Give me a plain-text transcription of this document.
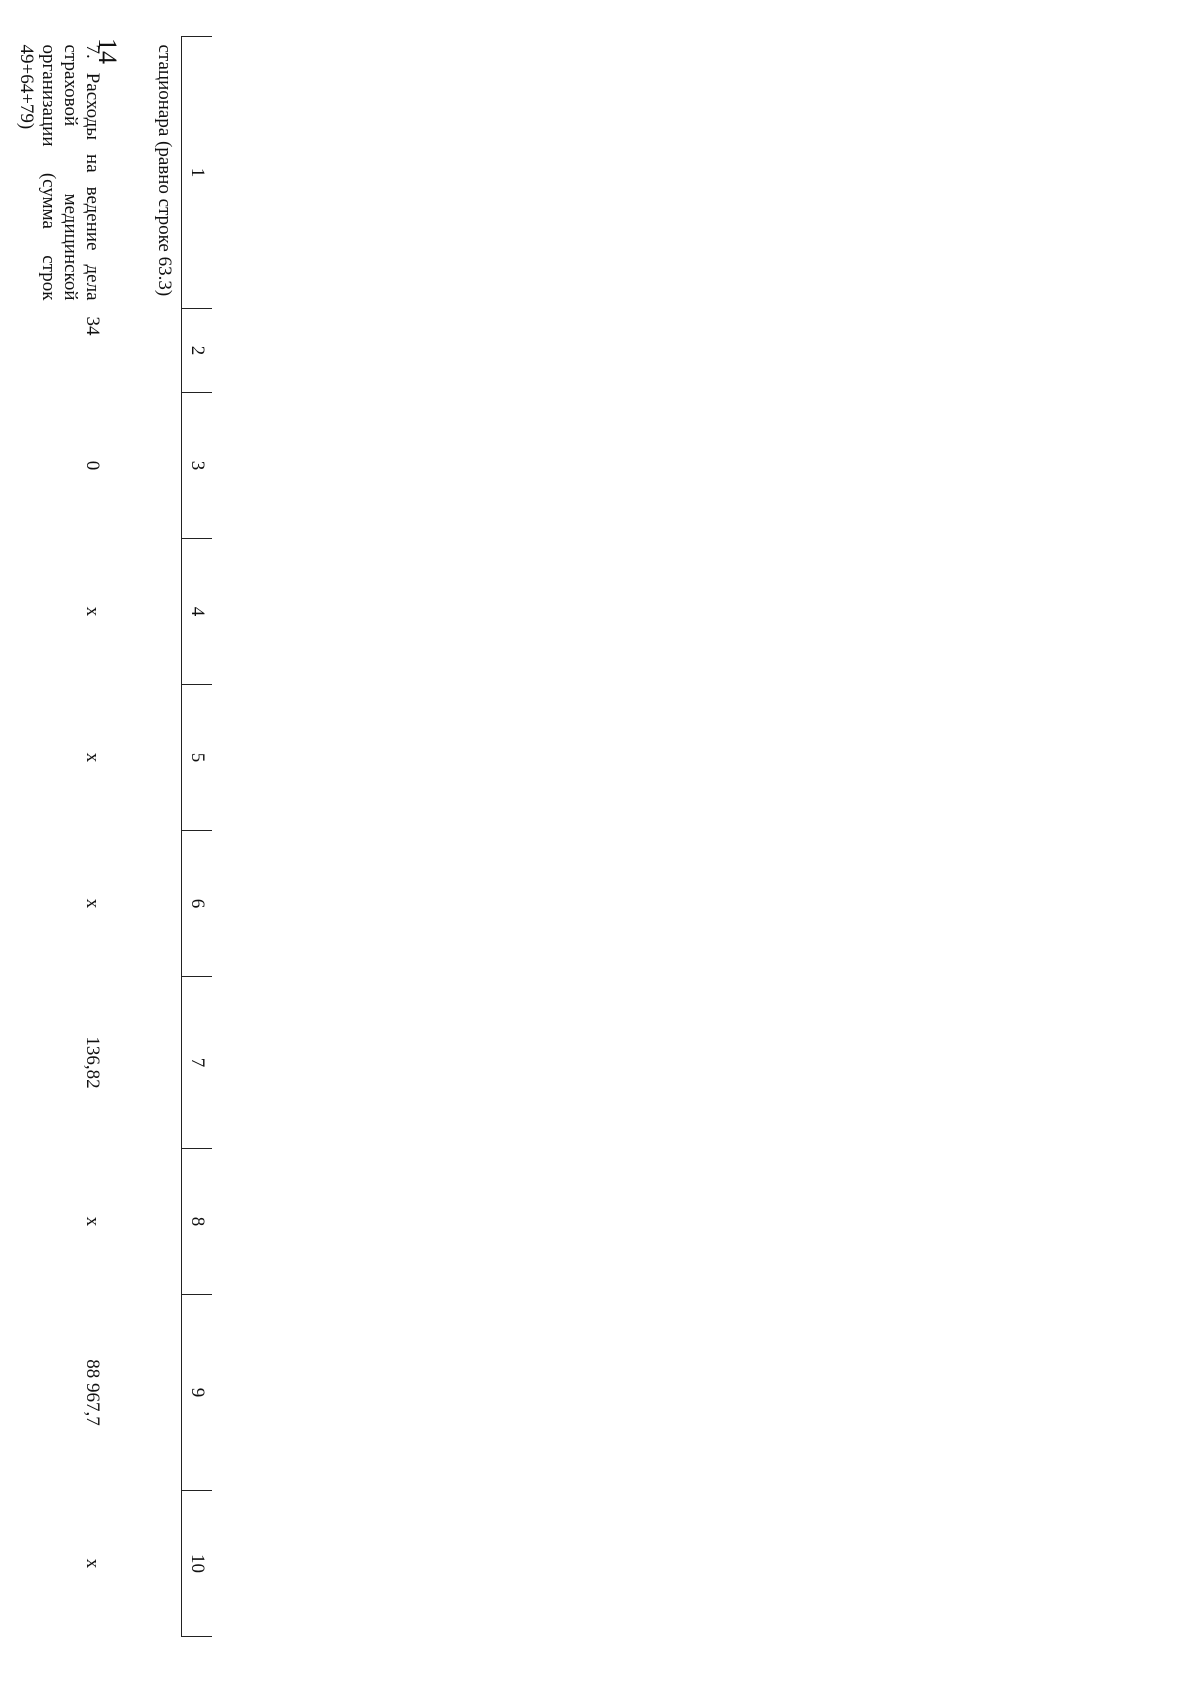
14
1	2	3	4	5	6	7	8	9	10
стационара (равно строке 63.3)									
7. Расходы на ведение дела страховой медицинской организации (сумма строк 49+64+79)	34	0	x	x	x	136,82	x	88 967,7	x
